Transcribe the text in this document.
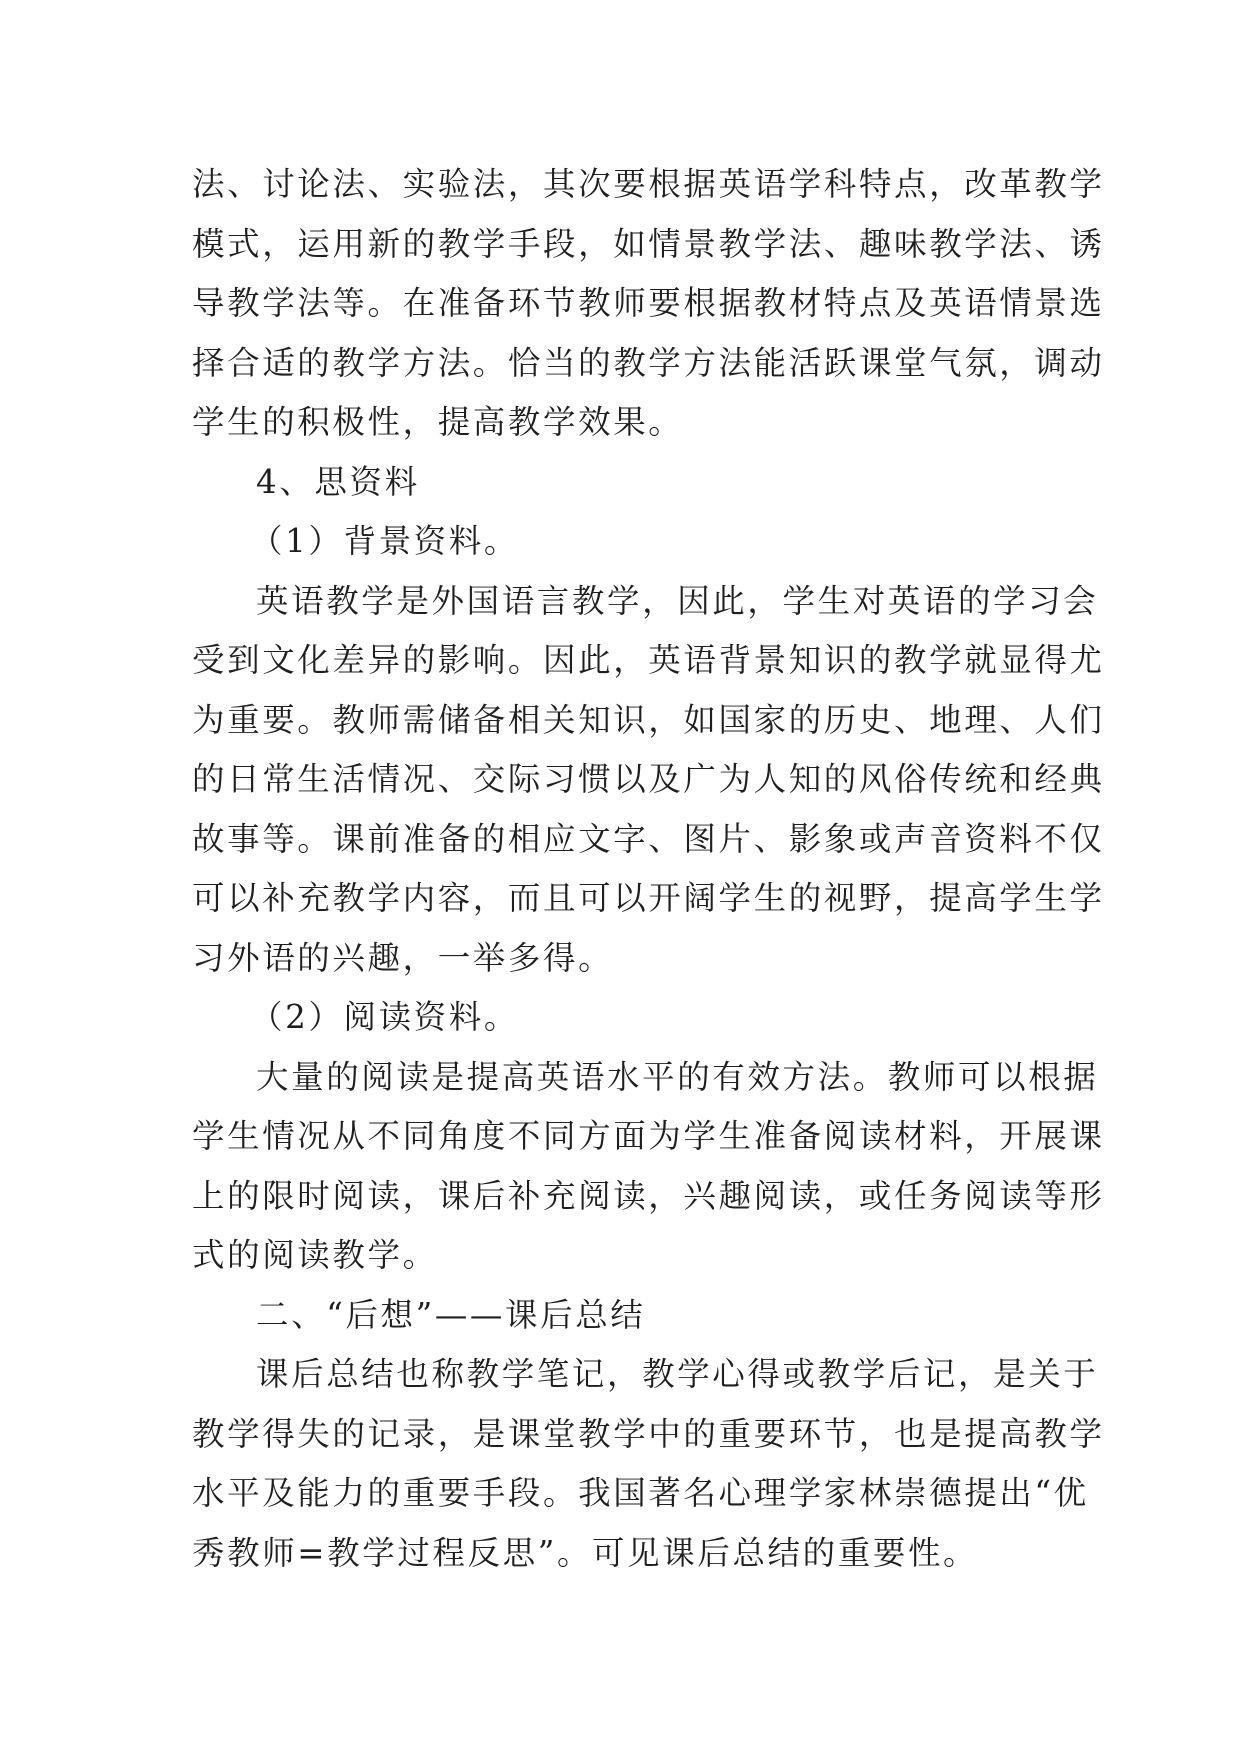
法、讨论法、实验法，其次要根据英语学科特点，改革教学
模式，运用新的教学手段，如情景教学法、趣味教学法、诱
导教学法等。在准备环节教师要根据教材特点及英语情景选
择合适的教学方法。恰当的教学方法能活跃课堂气氛，调动
学生的积极性，提高教学效果。
4、思资料
（1）背景资料。
英语教学是外国语言教学，因此，学生对英语的学习会
受到文化差异的影响。因此，英语背景知识的教学就显得尤
为重要。教师需储备相关知识，如国家的历史、地理、人们
的日常生活情况、交际习惯以及广为人知的风俗传统和经典
故事等。课前准备的相应文字、图片、影象或声音资料不仅
可以补充教学内容，而且可以开阔学生的视野，提高学生学
习外语的兴趣，一举多得。
（2）阅读资料。
大量的阅读是提高英语水平的有效方法。教师可以根据
学生情况从不同角度不同方面为学生准备阅读材料，开展课
上的限时阅读，课后补充阅读，兴趣阅读，或任务阅读等形
式的阅读教学。
二、“后想”——课后总结
课后总结也称教学笔记，教学心得或教学后记，是关于
教学得失的记录，是课堂教学中的重要环节，也是提高教学
水平及能力的重要手段。我国著名心理学家林崇德提出“优
秀教师=教学过程反思”。可见课后总结的重要性。
